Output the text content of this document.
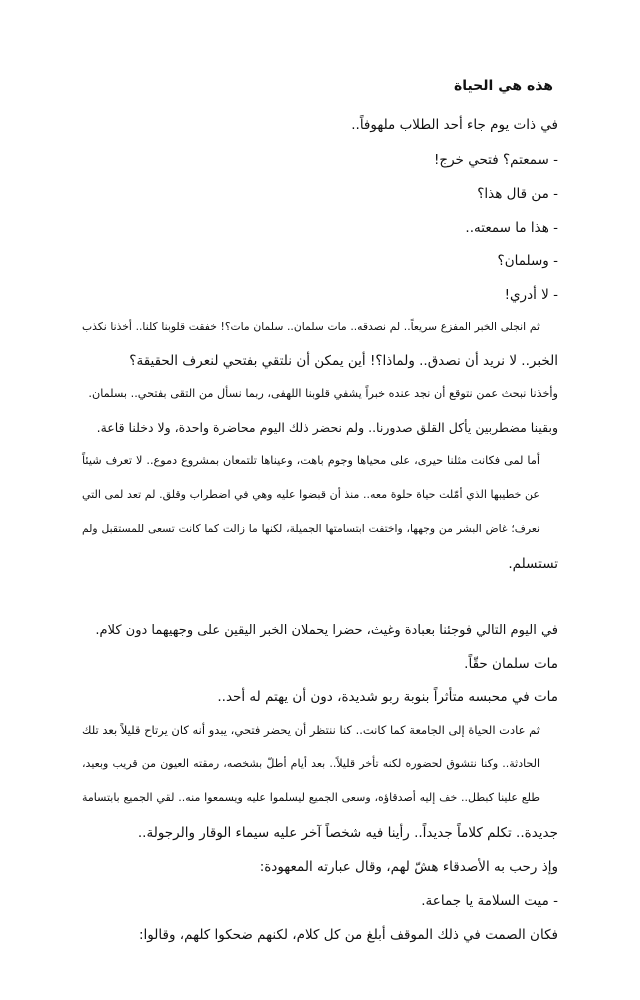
هذه هي الحياة
في ذات يوم جاء أحد الطلاب ملهوفاً..
- سمعتم؟ فتحي خرج!
- من قال هذا؟
- هذا ما سمعته..
- وسلمان؟
- لا أدري!
ثم انجلى الخبر المفزع سريعاً.. لم نصدقه.. مات سلمان.. سلمان مات؟! خفقت قلوبنا كلنا.. أخذنا نكذب
الخبر.. لا نريد أن نصدق.. ولماذا؟! أين يمكن أن نلتقي بفتحي لنعرف الحقيقة؟
وأخذنا نبحث عمن نتوقع أن نجد عنده خبراً يشفي قلوبنا اللهفى، ربما نسأل من التقى بفتحي.. بسلمان.
وبقينا مضطربين يأكل القلق صدورنا.. ولم نحضر ذلك اليوم محاضرة واحدة، ولا دخلنا قاعة.
أما لمى فكانت مثلنا حيرى، على محياها وجوم باهت، وعيناها تلتمعان بمشروع دموع.. لا تعرف شيئاً
عن خطيبها الذي أمّلت حياة حلوة معه.. منذ أن قبضوا عليه وهي في اضطراب وقلق. لم تعد لمى التي
نعرف؛ غاض البشر من وجهها، واختفت ابتسامتها الجميلة، لكنها ما زالت كما كانت تسعى للمستقبل ولم
تستسلم.
في اليوم التالي فوجئنا بعبادة وغيث، حضرا يحملان الخبر اليقين على وجهيهما دون كلام.
مات سلمان حقّاً.
مات في محبسه متأثراً بنوبة ربو شديدة، دون أن يهتم له أحد..
ثم عادت الحياة إلى الجامعة كما كانت.. كنا ننتظر أن يحضر فتحي، يبدو أنه كان يرتاح قليلاً بعد تلك
الحادثة.. وكنا نتشوق لحضوره لكنه تأخر قليلاً.. بعد أيام أطلّ بشخصه، رمقته العيون من قريب وبعيد،
طلع علينا كبطل.. خف إليه أصدقاؤه، وسعى الجميع ليسلموا عليه ويسمعوا منه.. لقي الجميع بابتسامة
جديدة.. تكلم كلاماً جديداً.. رأينا فيه شخصاً آخر عليه سيماء الوقار والرجولة..
وإذ رحب به الأصدقاء هشّ لهم، وقال عبارته المعهودة:
- ميت السلامة يا جماعة.
فكان الصمت في ذلك الموقف أبلغ من كل كلام، لكنهم ضحكوا كلهم، وقالوا:
